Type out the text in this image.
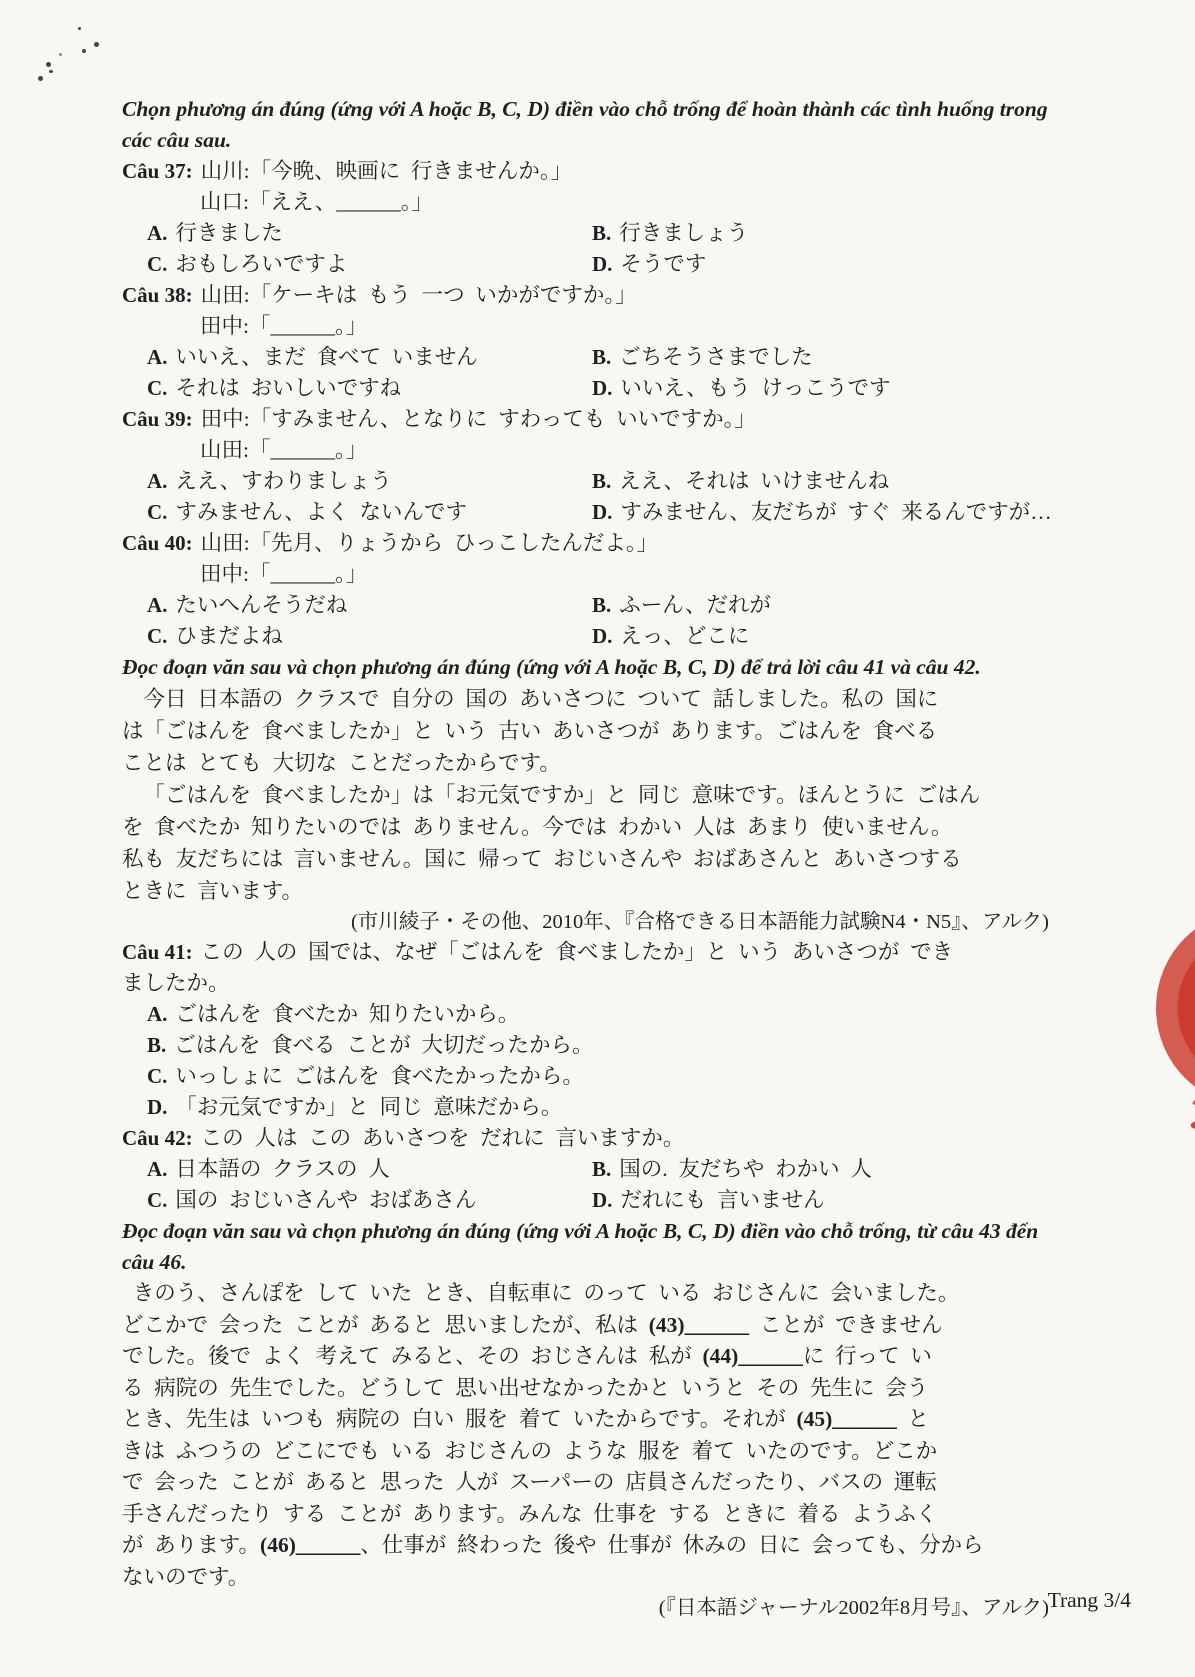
Chọn phương án đúng (ứng với A hoặc B, C, D) điền vào chỗ trống để hoàn thành các tình huống trong các câu sau.

Câu 37: 山川:「今晩、映画に  行きませんか。」
山口:「ええ、______。」
A. 行きました	B. 行きましょう
C. おもしろいですよ	D. そうです
Câu 38: 山田:「ケーキは  もう  一つ  いかがですか。」
田中:「______。」
A. いいえ、まだ  食べて  いません	B. ごちそうさまでした
C. それは  おいしいですね	D. いいえ、もう  けっこうです
Câu 39: 田中:「すみません、となりに  すわっても  いいですか。」
山田:「______。」
A. ええ、すわりましょう	B. ええ、それは  いけませんね
C. すみません、よく  ないんです	D. すみません、友だちが  すぐ  来るんですが…
Câu 40: 山田:「先月、りょうから  ひっこしたんだよ。」
田中:「______。」
A. たいへんそうだね	B. ふーん、だれが
C. ひまだよね	D. えっ、どこに

Đọc đoạn văn sau và chọn phương án đúng (ứng với A hoặc B, C, D) để trả lời câu 41 và câu 42.

今日  日本語の  クラスで  自分の  国の  あいさつに  ついて  話しました。私の  国に
は「ごはんを  食べましたか」と  いう  古い  あいさつが  あります。ごはんを  食べる
ことは  とても  大切な  ことだったからです。
「ごはんを  食べましたか」は「お元気ですか」と  同じ  意味です。ほんとうに  ごはん
を  食べたか  知りたいのでは  ありません。今では  わかい  人は  あまり  使いません。
私も  友だちには  言いません。国に  帰って  おじいさんや  おばあさんと  あいさつする
ときに  言います。
(市川綾子・その他、2010年、『合格できる日本語能力試験N4・N5』、アルク)
Câu 41: この  人の  国では、なぜ「ごはんを  食べましたか」と  いう  あいさつが  でき
ましたか。
A. ごはんを  食べたか  知りたいから。
B. ごはんを  食べる  ことが  大切だったから。
C. いっしょに  ごはんを  食べたかったから。
D. 「お元気ですか」と  同じ  意味だから。
Câu 42: この  人は  この  あいさつを  だれに  言いますか。
A. 日本語の  クラスの  人	B. 国の.  友だちや  わかい  人
C. 国の  おじいさんや  おばあさん	D. だれにも  言いません

Đọc đoạn văn sau và chọn phương án đúng (ứng với A hoặc B, C, D) điền vào chỗ trống, từ câu 43 đến câu 46.

きのう、さんぽを  して  いた  とき、自転車に  のって  いる  おじさんに  会いました。
どこかで  会った  ことが  あると  思いましたが、私は  (43)______  ことが  できません
でした。後で  よく  考えて  みると、その  おじさんは  私が  (44)______に  行って  い
る  病院の  先生でした。どうして  思い出せなかったかと  いうと  その  先生に  会う
とき、先生は  いつも  病院の  白い  服を  着て  いたからです。それが  (45)______  と
きは  ふつうの  どこにでも  いる  おじさんの  ような  服を  着て  いたのです。どこか
で  会った  ことが  あると  思った  人が  スーパーの  店員さんだったり、バスの  運転
手さんだったり  する  ことが  あります。みんな  仕事を  する  ときに  着る  ようふく
が  あります。(46)______、仕事が  終わった  後や  仕事が  休みの  日に  会っても、分から
ないのです。
(『日本語ジャーナル2002年8月号』、アルク)
Trang 3/4
